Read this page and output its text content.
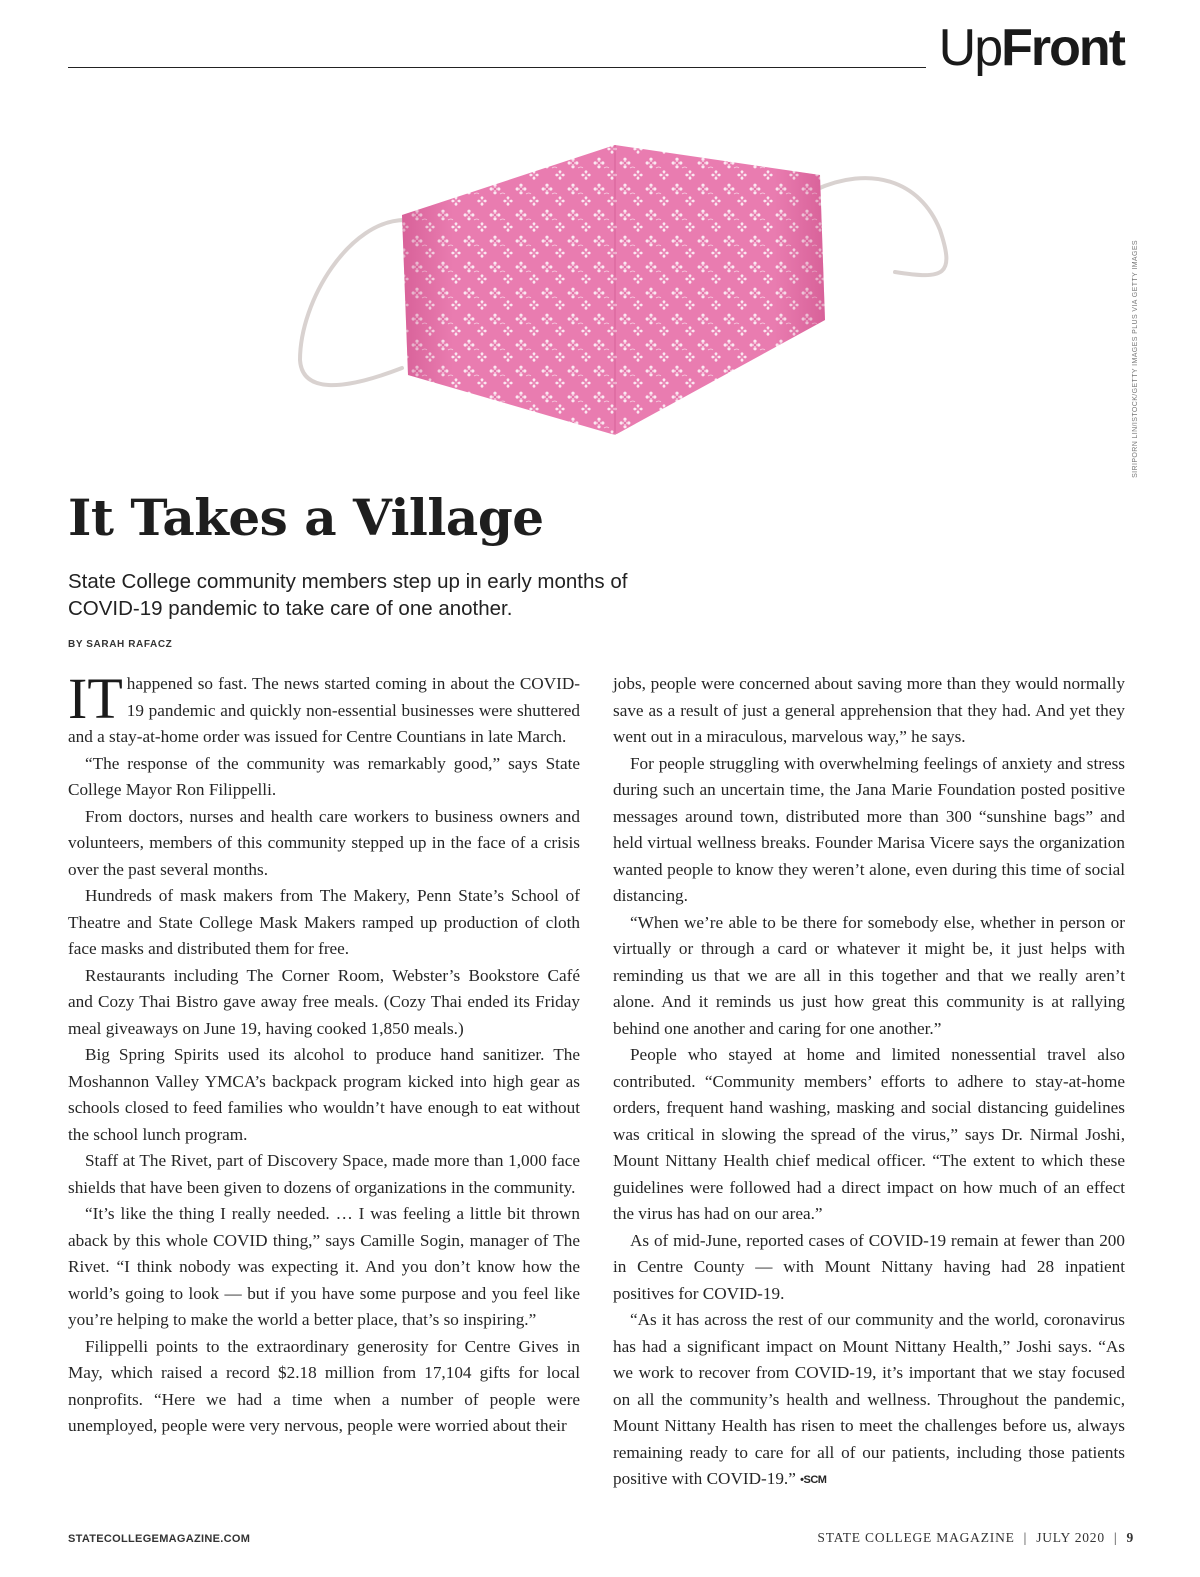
UpFront
SIRIPORN LIN/ISTOCK/GETTY IMAGES PLUS VIA GETTY IMAGES
It Takes a Village

State College community members step up in early months of COVID-19 pandemic to take care of one another.

BY SARAH RAFACZ

IT happened so fast. The news started coming in about the COVID-19 pandemic and quickly non-essential businesses were shuttered and a stay-at-home order was issued for Centre Countians in late March.

“The response of the community was remarkably good,” says State College Mayor Ron Filippelli.

From doctors, nurses and health care workers to business owners and volunteers, members of this community stepped up in the face of a crisis over the past several months.

Hundreds of mask makers from The Makery, Penn State’s School of Theatre and State College Mask Makers ramped up production of cloth face masks and distributed them for free.

Restaurants including The Corner Room, Webster’s Bookstore Café and Cozy Thai Bistro gave away free meals. (Cozy Thai ended its Friday meal giveaways on June 19, having cooked 1,850 meals.)

Big Spring Spirits used its alcohol to produce hand sanitizer. The Moshannon Valley YMCA’s backpack program kicked into high gear as schools closed to feed families who wouldn’t have enough to eat without the school lunch program.

Staff at The Rivet, part of Discovery Space, made more than 1,000 face shields that have been given to dozens of organizations in the community.

“It’s like the thing I really needed. … I was feeling a little bit thrown aback by this whole COVID thing,” says Camille Sogin, manager of The Rivet. “I think nobody was expecting it. And you don’t know how the world’s going to look — but if you have some purpose and you feel like you’re helping to make the world a better place, that’s so inspiring.”

Filippelli points to the extraordinary generosity for Centre Gives in May, which raised a record $2.18 million from 17,104 gifts for local nonprofits. “Here we had a time when a number of people were unemployed, people were very nervous, people were worried about their

jobs, people were concerned about saving more than they would normally save as a result of just a general apprehension that they had. And yet they went out in a miraculous, marvelous way,” he says.

For people struggling with overwhelming feelings of anxiety and stress during such an uncertain time, the Jana Marie Foundation posted positive messages around town, distributed more than 300 “sunshine bags” and held virtual wellness breaks. Founder Marisa Vicere says the organization wanted people to know they weren’t alone, even during this time of social distancing.

“When we’re able to be there for somebody else, whether in person or virtually or through a card or whatever it might be, it just helps with reminding us that we are all in this together and that we really aren’t alone. And it reminds us just how great this community is at rallying behind one another and caring for one another.”

People who stayed at home and limited nonessential travel also contributed. “Community members’ efforts to adhere to stay-at-home orders, frequent hand washing, masking and social distancing guidelines was critical in slowing the spread of the virus,” says Dr. Nirmal Joshi, Mount Nittany Health chief medical officer. “The extent to which these guidelines were followed had a direct impact on how much of an effect the virus has had on our area.”

As of mid-June, reported cases of COVID-19 remain at fewer than 200 in Centre County — with Mount Nittany having had 28 inpatient positives for COVID-19.

“As it has across the rest of our community and the world, coronavirus has had a significant impact on Mount Nittany Health,” Joshi says. “As we work to recover from COVID-19, it’s important that we stay focused on all the community’s health and wellness. Throughout the pandemic, Mount Nittany Health has risen to meet the challenges before us, always remaining ready to care for all of our patients, including those patients positive with COVID-19.” •SCM

STATECOLLEGEMAGAZINE.COM	STATE COLLEGE MAGAZINE | JULY 2020 | 9
